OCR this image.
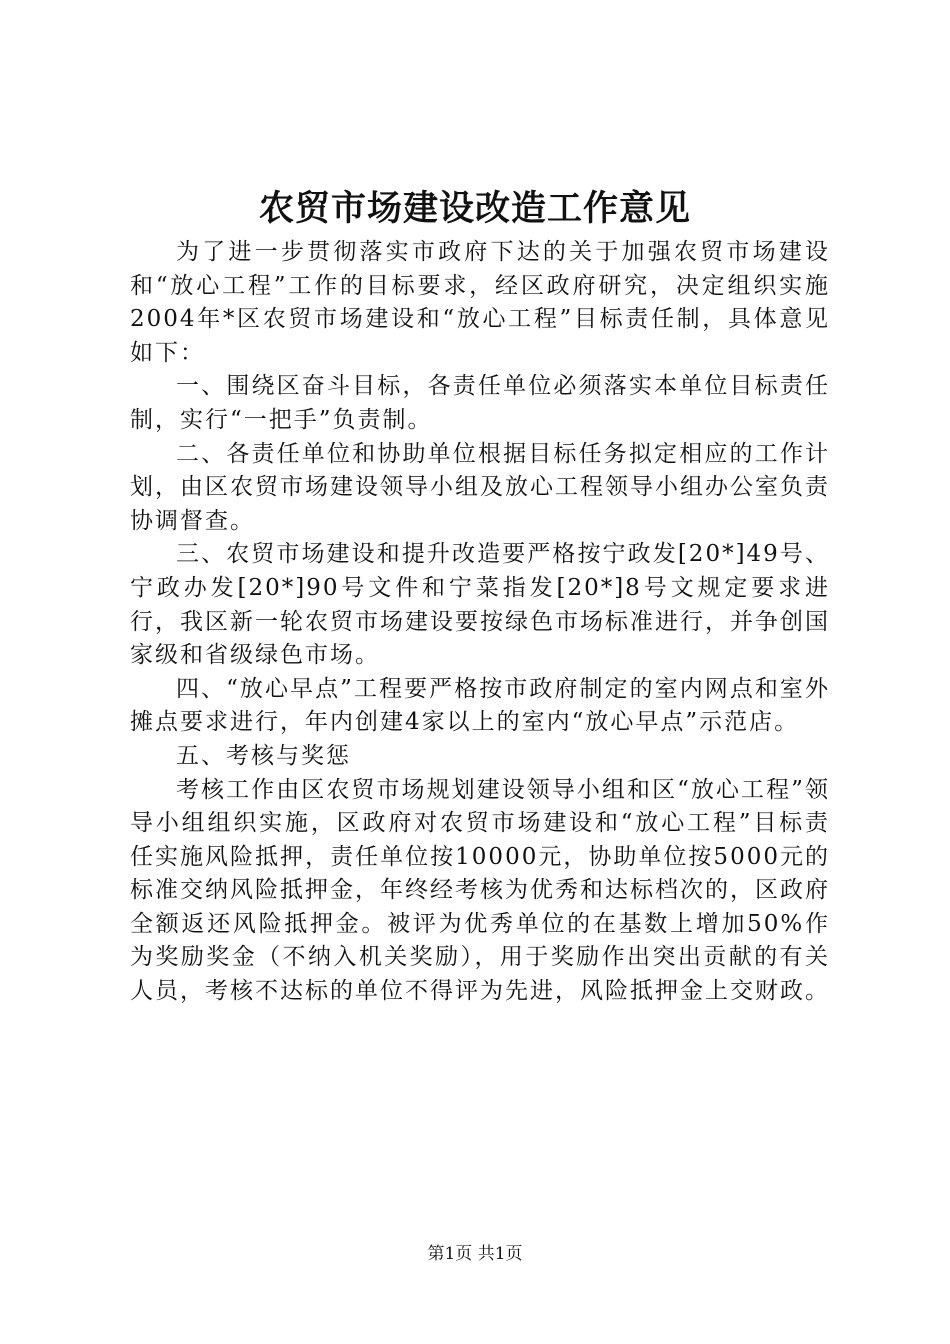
农贸市场建设改造工作意见

为了进一步贯彻落实市政府下达的关于加强农贸市场建设和“放心工程”工作的目标要求，经区政府研究，决定组织实施2004年*区农贸市场建设和“放心工程”目标责任制，具体意见如下：

一、围绕区奋斗目标，各责任单位必须落实本单位目标责任制，实行“一把手”负责制。

二、各责任单位和协助单位根据目标任务拟定相应的工作计划，由区农贸市场建设领导小组及放心工程领导小组办公室负责协调督查。

三、农贸市场建设和提升改造要严格按宁政发[20*]49号、宁政办发[20*]90号文件和宁菜指发[20*]8号文规定要求进行，我区新一轮农贸市场建设要按绿色市场标准进行，并争创国家级和省级绿色市场。

四、“放心早点”工程要严格按市政府制定的室内网点和室外摊点要求进行，年内创建4家以上的室内“放心早点”示范店。

五、考核与奖惩

考核工作由区农贸市场规划建设领导小组和区“放心工程”领导小组组织实施，区政府对农贸市场建设和“放心工程”目标责任实施风险抵押，责任单位按10000元，协助单位按5000元的标准交纳风险抵押金，年终经考核为优秀和达标档次的，区政府全额返还风险抵押金。被评为优秀单位的在基数上增加50%作为奖励奖金（不纳入机关奖励），用于奖励作出突出贡献的有关人员，考核不达标的单位不得评为先进，风险抵押金上交财政。

第1页 共1页
